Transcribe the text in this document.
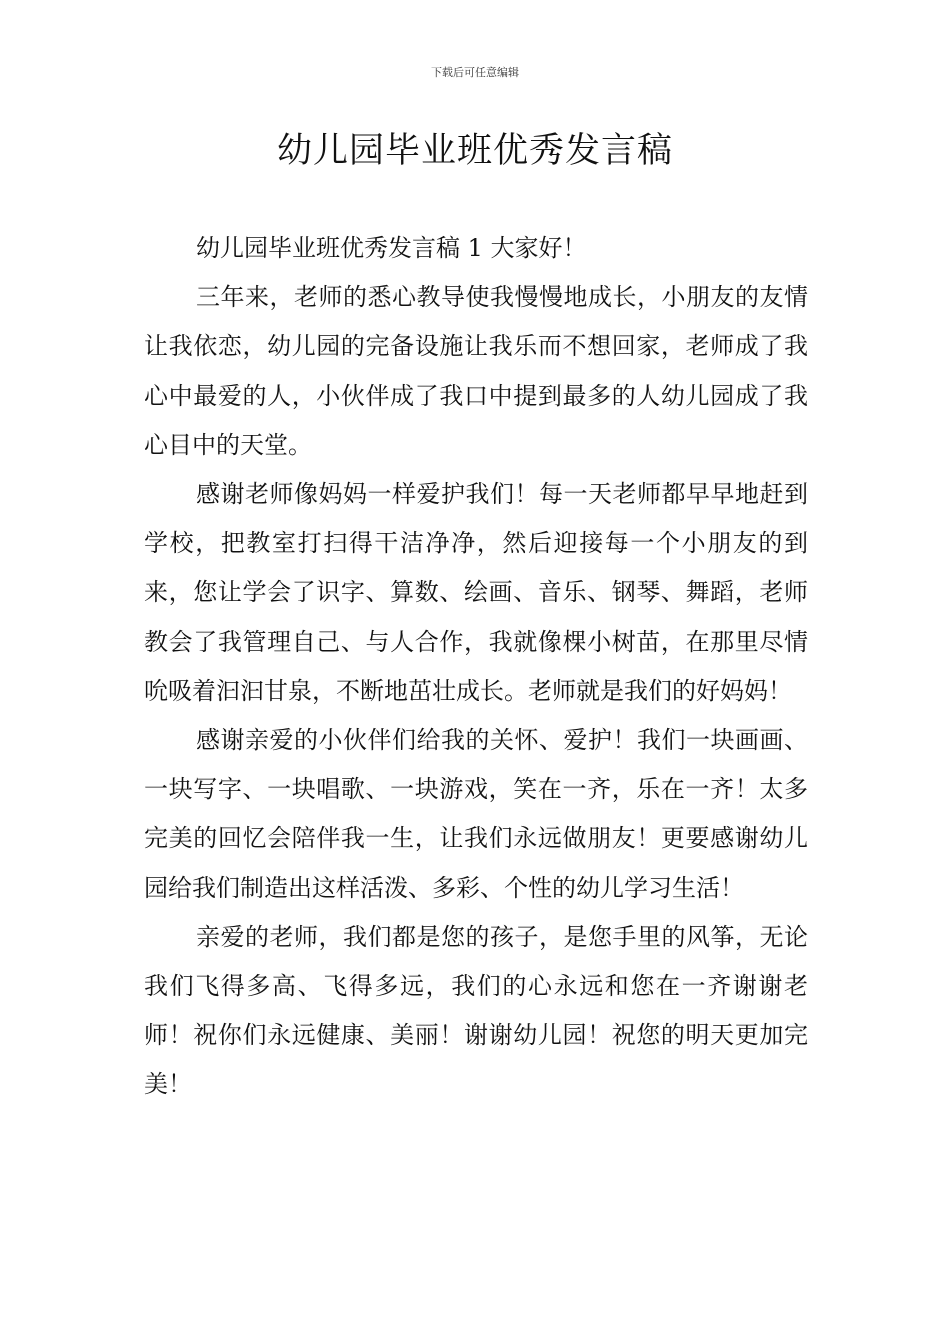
下载后可任意编辑
幼儿园毕业班优秀发言稿

幼儿园毕业班优秀发言稿 1 大家好！

三年来，老师的悉心教导使我慢慢地成长，小朋友的友情让我依恋，幼儿园的完备设施让我乐而不想回家，老师成了我心中最爱的人，小伙伴成了我口中提到最多的人幼儿园成了我心目中的天堂。

感谢老师像妈妈一样爱护我们！每一天老师都早早地赶到学校，把教室打扫得干洁净净，然后迎接每一个小朋友的到来，您让学会了识字、算数、绘画、音乐、钢琴、舞蹈，老师教会了我管理自己、与人合作，我就像棵小树苗，在那里尽情吮吸着汩汩甘泉，不断地茁壮成长。老师就是我们的好妈妈！

感谢亲爱的小伙伴们给我的关怀、爱护！我们一块画画、一块写字、一块唱歌、一块游戏，笑在一齐，乐在一齐！太多完美的回忆会陪伴我一生，让我们永远做朋友！更要感谢幼儿园给我们制造出这样活泼、多彩、个性的幼儿学习生活！

亲爱的老师，我们都是您的孩子，是您手里的风筝，无论我们飞得多高、飞得多远，我们的心永远和您在一齐谢谢老师！祝你们永远健康、美丽！谢谢幼儿园！祝您的明天更加完美！
